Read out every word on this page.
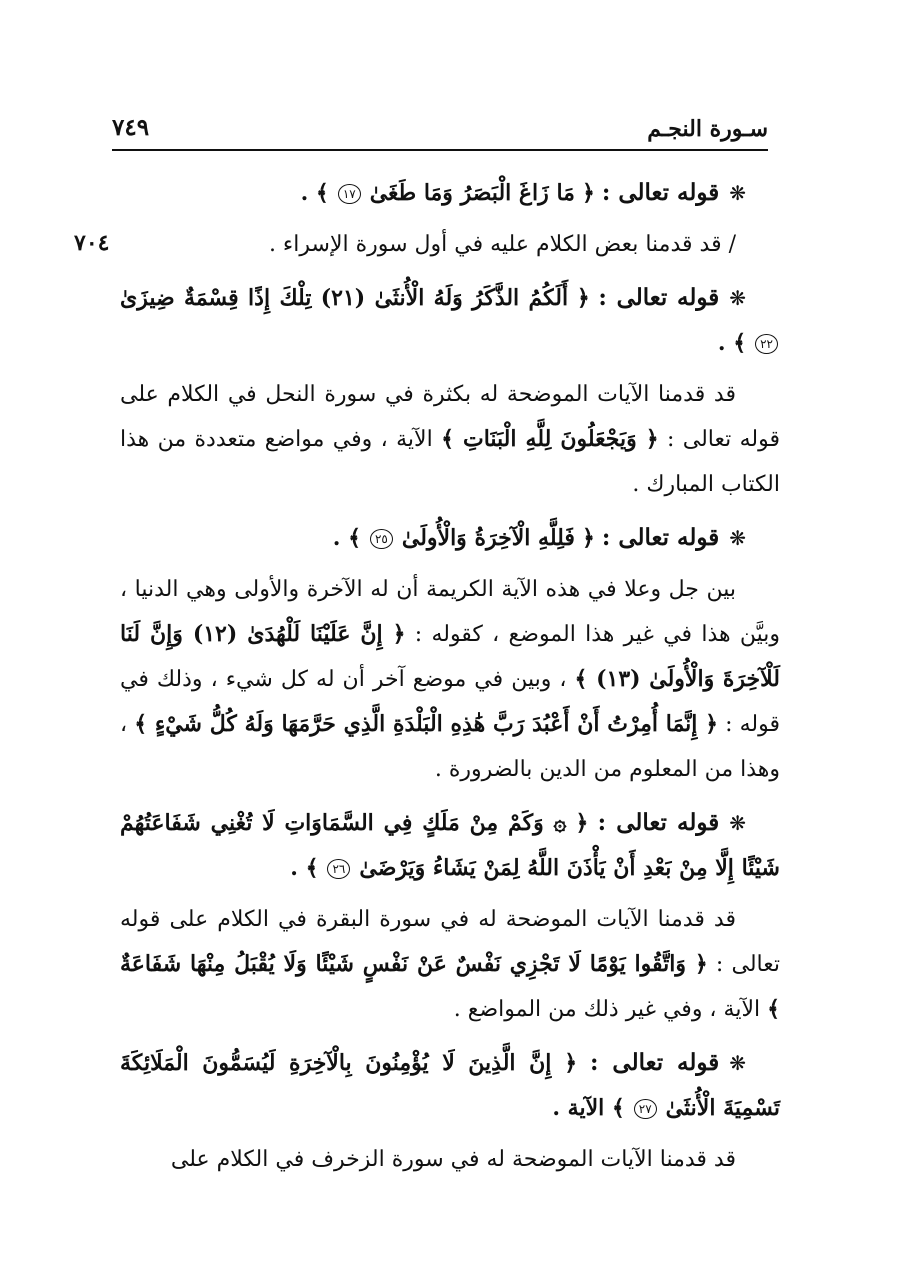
سـورة النجـم
٧٤٩
٧٠٤
❋قوله تعالى : ﴿ مَا زَاغَ الْبَصَرُ وَمَا طَغَىٰ ١٧ ﴾ .
/ قد قدمنا بعض الكلام عليه في أول سورة الإسراء .
❋قوله تعالى : ﴿ أَلَكُمُ الذَّكَرُ وَلَهُ الْأُنثَىٰ (٢١) تِلْكَ إِذًا قِسْمَةٌ ضِيزَىٰ ٢٢ ﴾ .
قد قدمنا الآيات الموضحة له بكثرة في سورة النحل في الكلام على قوله تعالى : ﴿ وَيَجْعَلُونَ لِلَّهِ الْبَنَاتِ ﴾ الآية ، وفي مواضع متعددة من هذا الكتاب المبارك .
❋قوله تعالى : ﴿ فَلِلَّهِ الْآخِرَةُ وَالْأُولَىٰ ٢٥ ﴾ .
بين جل وعلا في هذه الآية الكريمة أن له الآخرة والأولى وهي الدنيا ، وبيَّن هذا في غير هذا الموضع ، كقوله : ﴿ إِنَّ عَلَيْنَا لَلْهُدَىٰ (١٢) وَإِنَّ لَنَا لَلْآخِرَةَ وَالْأُولَىٰ (١٣) ﴾ ، وبين في موضع آخر أن له كل شيء ، وذلك في قوله : ﴿ إِنَّمَا أُمِرْتُ أَنْ أَعْبُدَ رَبَّ هَٰذِهِ الْبَلْدَةِ الَّذِي حَرَّمَهَا وَلَهُ كُلُّ شَيْءٍ ﴾ ، وهذا من المعلوم من الدين بالضرورة .
❋قوله تعالى : ﴿ ۞ وَكَمْ مِنْ مَلَكٍ فِي السَّمَاوَاتِ لَا تُغْنِي شَفَاعَتُهُمْ شَيْئًا إِلَّا مِنْ بَعْدِ أَنْ يَأْذَنَ اللَّهُ لِمَنْ يَشَاءُ وَيَرْضَىٰ ٢٦ ﴾ .
قد قدمنا الآيات الموضحة له في سورة البقرة في الكلام على قوله تعالى : ﴿ وَاتَّقُوا يَوْمًا لَا تَجْزِي نَفْسٌ عَنْ نَفْسٍ شَيْئًا وَلَا يُقْبَلُ مِنْهَا شَفَاعَةٌ ﴾ الآية ، وفي غير ذلك من المواضع .
❋قوله تعالى : ﴿ إِنَّ الَّذِينَ لَا يُؤْمِنُونَ بِالْآخِرَةِ لَيُسَمُّونَ الْمَلَائِكَةَ تَسْمِيَةَ الْأُنثَىٰ ٢٧ ﴾ الآية .
قد قدمنا الآيات الموضحة له في سورة الزخرف في الكلام على
